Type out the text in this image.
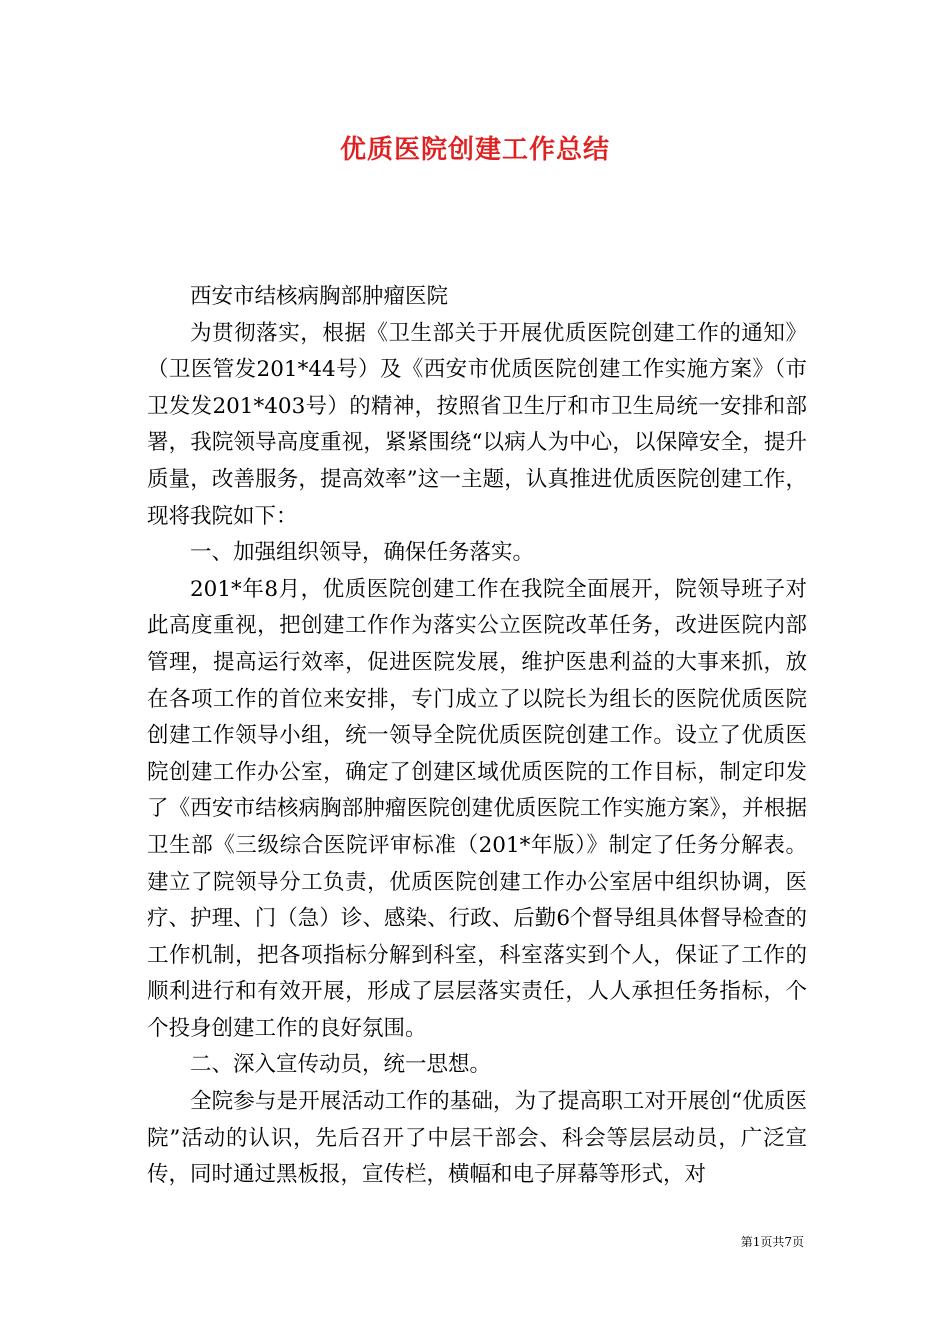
优质医院创建工作总结

西安市结核病胸部肿瘤医院

为贯彻落实，根据《卫生部关于开展优质医院创建工作的通知》（卫医管发201*44号）及《西安市优质医院创建工作实施方案》（市卫发发201*403号）的精神，按照省卫生厅和市卫生局统一安排和部署，我院领导高度重视，紧紧围绕“以病人为中心，以保障安全，提升质量，改善服务，提高效率”这一主题，认真推进优质医院创建工作，现将我院如下：

一、加强组织领导，确保任务落实。

201*年8月，优质医院创建工作在我院全面展开，院领导班子对此高度重视，把创建工作作为落实公立医院改革任务，改进医院内部管理，提高运行效率，促进医院发展，维护医患利益的大事来抓，放在各项工作的首位来安排，专门成立了以院长为组长的医院优质医院创建工作领导小组，统一领导全院优质医院创建工作。设立了优质医院创建工作办公室，确定了创建区域优质医院的工作目标，制定印发了《西安市结核病胸部肿瘤医院创建优质医院工作实施方案》，并根据卫生部《三级综合医院评审标准（201*年版）》制定了任务分解表。建立了院领导分工负责，优质医院创建工作办公室居中组织协调，医疗、护理、门（急）诊、感染、行政、后勤6个督导组具体督导检查的工作机制，把各项指标分解到科室，科室落实到个人，保证了工作的顺利进行和有效开展，形成了层层落实责任，人人承担任务指标，个个投身创建工作的良好氛围。

二、深入宣传动员，统一思想。

全院参与是开展活动工作的基础，为了提高职工对开展创“优质医院”活动的认识，先后召开了中层干部会、科会等层层动员，广泛宣传，同时通过黑板报，宣传栏，横幅和电子屏幕等形式，对

第1页共7页
